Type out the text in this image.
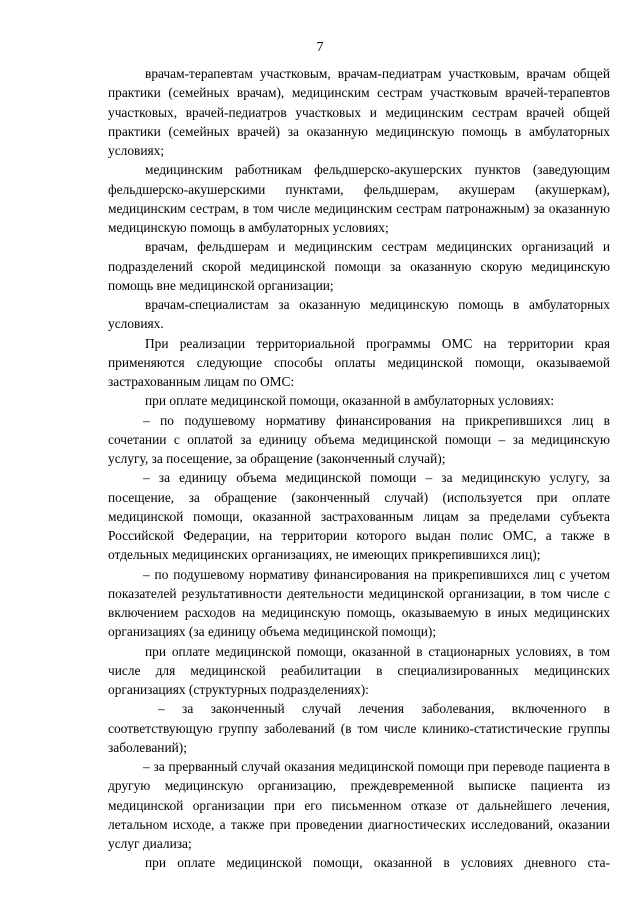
7

врачам-терапевтам участковым, врачам-педиатрам участковым, врачам общей практики (семейных врачам), медицинским сестрам участковым врачей-терапевтов участковых, врачей-педиатров участковых и медицинским сестрам врачей общей практики (семейных врачей) за оказанную медицинскую помощь в амбулаторных условиях;

медицинским работникам фельдшерско-акушерских пунктов (заведующим фельдшерско-акушерскими пунктами, фельдшерам, акушерам (акушеркам), медицинским сестрам, в том числе медицинским сестрам патронажным) за оказанную медицинскую помощь в амбулаторных условиях;

врачам, фельдшерам и медицинским сестрам медицинских организаций и подразделений скорой медицинской помощи за оказанную скорую медицинскую помощь вне медицинской организации;

врачам-специалистам за оказанную медицинскую помощь в амбулаторных условиях.

При реализации территориальной программы ОМС на территории края применяются следующие способы оплаты медицинской помощи, оказываемой застрахованным лицам по ОМС:

при оплате медицинской помощи, оказанной в амбулаторных условиях:

– по подушевому нормативу финансирования на прикрепившихся лиц в сочетании с оплатой за единицу объема медицинской помощи – за медицинскую услугу, за посещение, за обращение (законченный случай);

– за единицу объема медицинской помощи – за медицинскую услугу, за посещение, за обращение (законченный случай) (используется при оплате медицинской помощи, оказанной застрахованным лицам за пределами субъекта Российской Федерации, на территории которого выдан полис ОМС, а также в отдельных медицинских организациях, не имеющих прикрепившихся лиц);

– по подушевому нормативу финансирования на прикрепившихся лиц с учетом показателей результативности деятельности медицинской организации, в том числе с включением расходов на медицинскую помощь, оказываемую в иных медицинских организациях (за единицу объема медицинской помощи);

при оплате медицинской помощи, оказанной в стационарных условиях, в том числе для медицинской реабилитации в специализированных медицинских организациях (структурных подразделениях):

– за законченный случай лечения заболевания, включенного в соответствующую группу заболеваний (в том числе клинико-статистические группы заболеваний);

– за прерванный случай оказания медицинской помощи при переводе пациента в другую медицинскую организацию, преждевременной выписке пациента из медицинской организации при его письменном отказе от дальнейшего лечения, летальном исходе, а также при проведении диагностических исследований, оказании услуг диализа;

при оплате медицинской помощи, оказанной в условиях дневного ста-
